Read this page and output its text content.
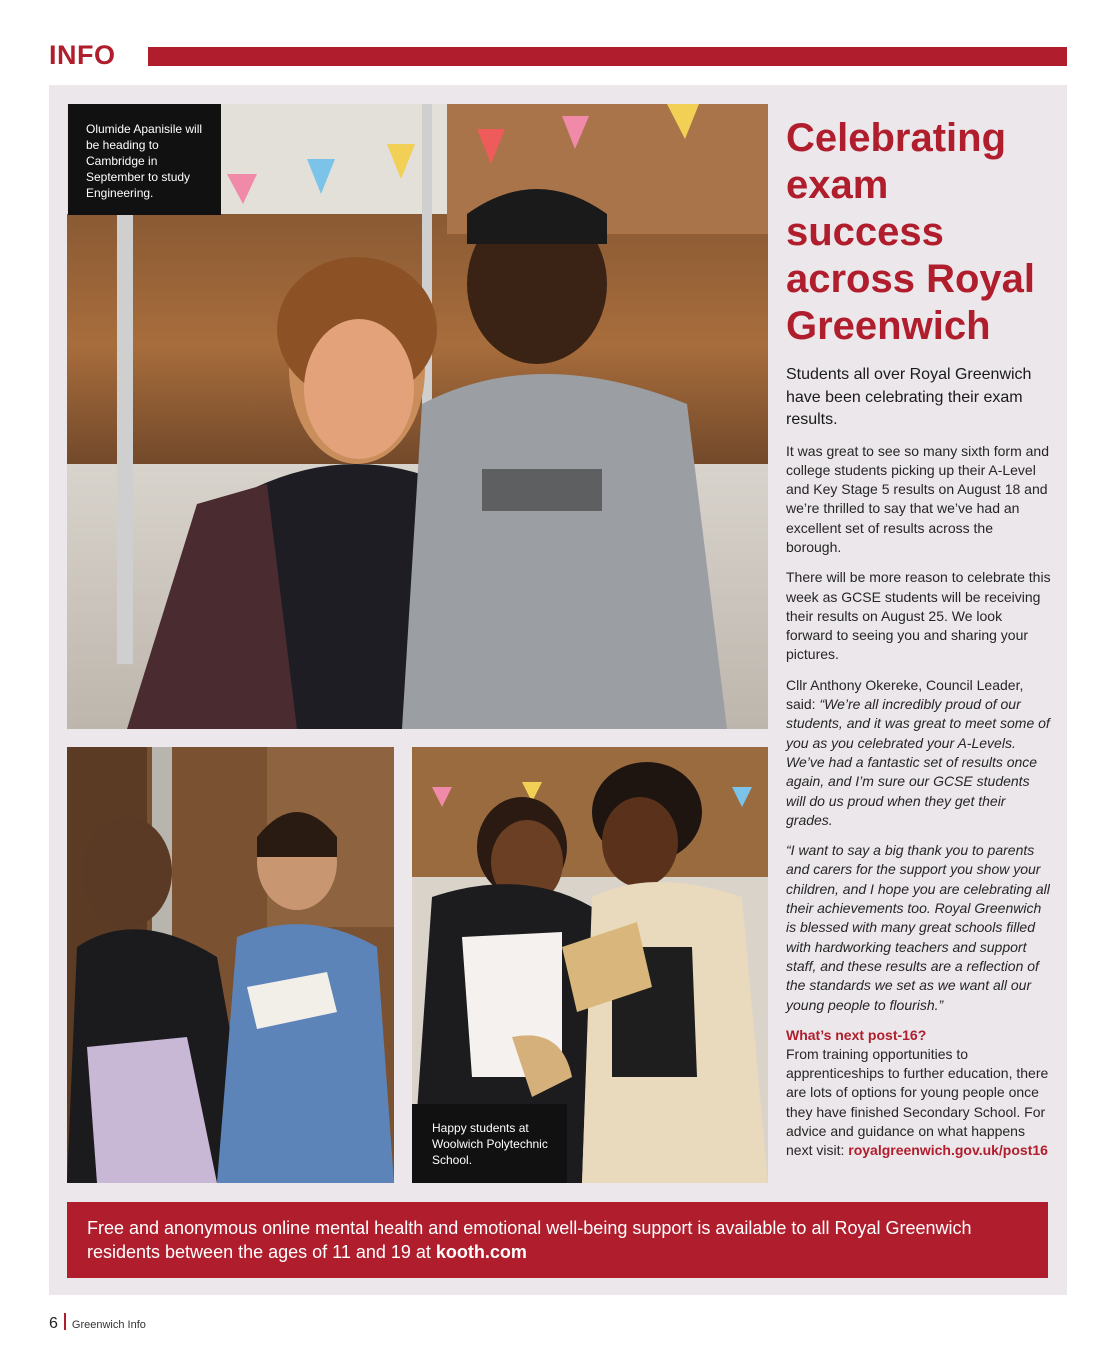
INFO
Olumide Apanisile will be heading to Cambridge in September to study Engineering.
Happy students at Woolwich Polytechnic School.
Celebrating exam success across Royal Greenwich

Students all over Royal Greenwich have been celebrating their exam results.

It was great to see so many sixth form and college students picking up their A-Level and Key Stage 5 results on August 18 and we’re thrilled to say that we’ve had an excellent set of results across the borough.

There will be more reason to celebrate this week as GCSE students will be receiving their results on August 25. We look forward to seeing you and sharing your pictures.

Cllr Anthony Okereke, Council Leader, said: “We’re all incredibly proud of our students, and it was great to meet some of you as you celebrated your A-Levels. We’ve had a fantastic set of results once again, and I’m sure our GCSE students will do us proud when they get their grades.

“I want to say a big thank you to parents and carers for the support you show your children, and I hope you are celebrating all their achievements too. Royal Greenwich is blessed with many great schools filled with hardworking teachers and support staff, and these results are a reflection of the standards we set as we want all our young people to flourish.”

What’s next post-16?

From training opportunities to apprenticeships to further education, there are lots of options for young people once they have finished Secondary School. For advice and guidance on what happens next visit: royalgreenwich.gov.uk/post16

Free and anonymous online mental health and emotional well-being support is available to all Royal Greenwich residents between the ages of 11 and 19 at kooth.com

6 Greenwich Info
